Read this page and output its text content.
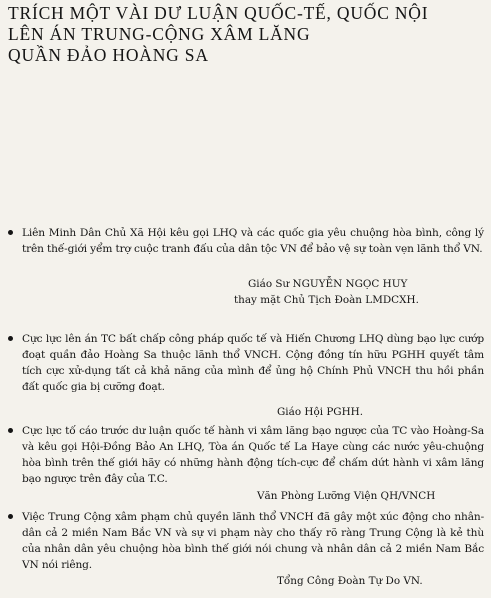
TRÍCH MỘT VÀI DƯ LUẬN QUỐC-TẾ, QUỐC NỘI
LÊN ÁN TRUNG-CỘNG XÂM LĂNG
QUẦN ĐẢO HOÀNG SA
Liên Minh Dân Chủ Xã Hội kêu gọi LHQ và các quốc gia yêu chuộng hòa bình, công lý trên thế-giới yểm trợ cuộc tranh đấu của dân tộc VN để bảo vệ sự toàn vẹn lãnh thổ VN.
Giáo Sư NGUYỄN NGỌC HUY
thay mặt Chủ Tịch Đoàn LMDCXH.
Cực lực lên án TC bất chấp công pháp quốc tế và Hiến Chương LHQ dùng bạo lực cướp đoạt quần đảo Hoàng Sa thuộc lãnh thổ VNCH. Cộng đồng tín hữu PGHH quyết tâm tích cực xử-dụng tất cả khả năng của mình để ủng hộ Chính Phủ VNCH thu hồi phần đất quốc gia bị cưỡng đoạt.
Giáo Hội PGHH.
Cực lực tố cáo trước dư luận quốc tế hành vi xâm lăng bạo ngược của TC vào Hoàng-Sa và kêu gọi Hội-Đồng Bảo An LHQ, Tòa án Quốc tế La Haye cùng các nước yêu-chuộng hòa bình trên thế giới hãy có những hành động tích-cực để chấm dứt hành vi xâm lăng bạo ngược trên đây của T.C.
Văn Phòng Lưỡng Viện QH/VNCH
Việc Trung Cộng xâm phạm chủ quyền lãnh thổ VNCH đã gây một xúc động cho nhân-dân cả 2 miền Nam Bắc VN và sự vi phạm này cho thấy rõ ràng Trung Cộng là kẻ thù của nhân dân yêu chuộng hòa bình thế giới nói chung và nhân dân cả 2 miền Nam Bắc VN nói riêng.
Tổng Công Đoàn Tự Do VN.
